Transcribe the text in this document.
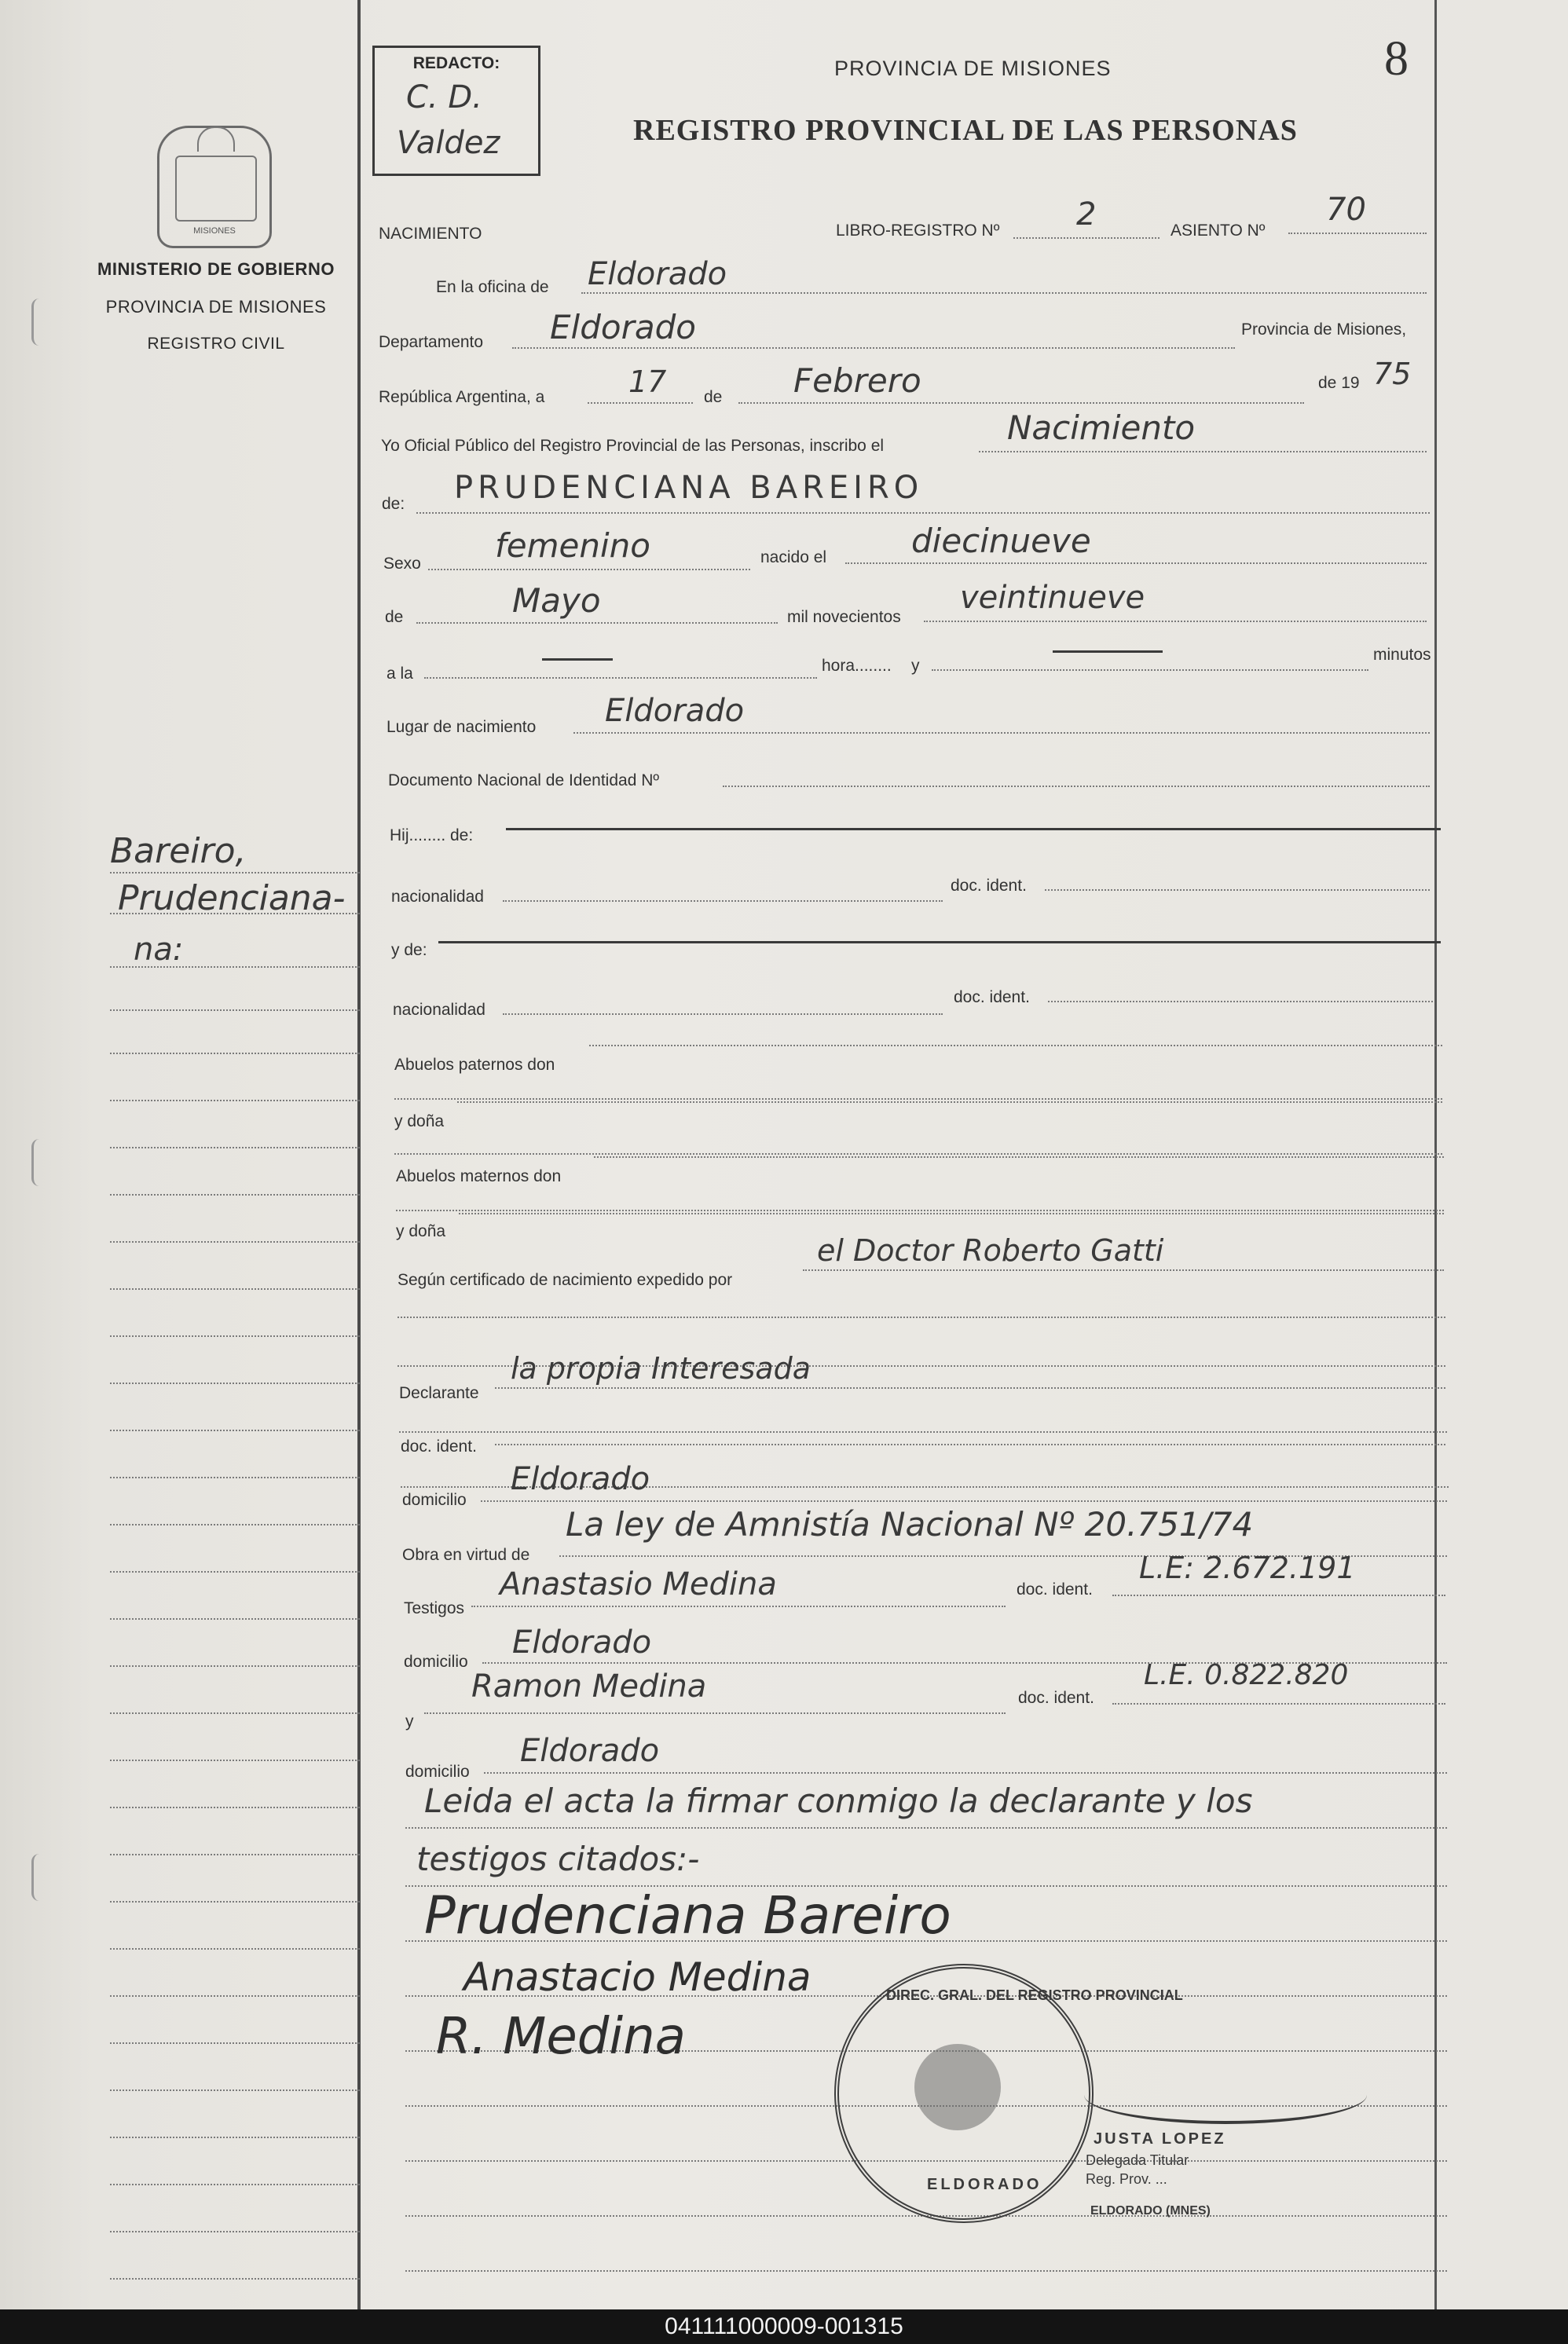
MISIONES
MINISTERIO DE GOBIERNO
PROVINCIA DE MISIONES
REGISTRO CIVIL
Bareiro,
Prudenciana-
na:
REDACTO:
C. D.
Valdez
PROVINCIA DE MISIONES
REGISTRO PROVINCIAL DE LAS PERSONAS
8
NACIMIENTO	LIBRO-REGISTRO Nº 2	ASIENTO Nº
70
En la oficina de Eldorado
Departamento Eldorado	Provincia de Misiones,
República Argentina, a	17 de Febrero	de 19 75
Yo Oficial Público del Registro Provincial de las Personas, inscribo el	Nacimiento
de: PRUDENCIANA BAREIRO
Sexo femenino	nacido el	diecinueve
de	Mayo	mil novecientos
veintinueve
a la	hora........ y
minutos
Lugar de nacimiento Eldorado
Documento Nacional de Identidad Nº
Hij........ de:
nacionalidad
doc. ident.
y de:
nacionalidad
doc. ident.
Abuelos paternos don
y doña
Abuelos maternos don
y doña
Según certificado de nacimiento expedido por
el Doctor Roberto Gatti
Declarante
la propia Interesada
doc. ident.
domicilio
Eldorado
Obra en virtud de
La ley de Amnistía Nacional Nº 20.751/74
Testigos
Anastasio Medina	doc. ident.
L.E: 2.672.191
domicilio
Eldorado
y
Ramon Medina	doc. ident.
L.E. 0.822.820
domicilio
Eldorado
Leida el acta la firmar conmigo la declarante y los
testigos citados:-
Prudenciana Bareiro
Anastacio Medina
R. Medina
DIREC. GRAL. DEL REGISTRO PROVINCIAL
ELDORADO
JUSTA LOPEZ
Delegada Titular
Reg. Prov. ...
ELDORADO (MNES)
041111000009-001315
